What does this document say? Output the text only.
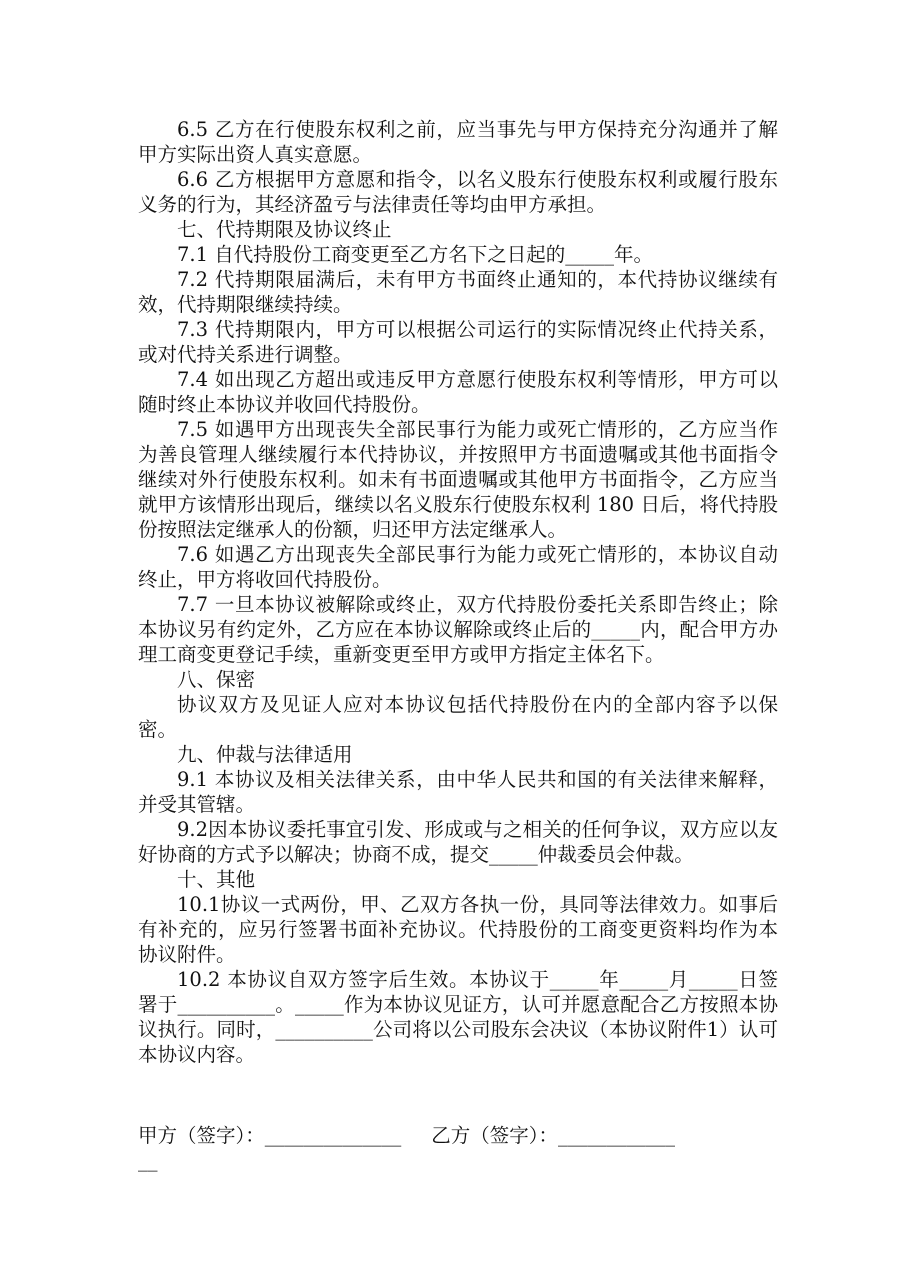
6.5 乙方在行使股东权利之前，应当事先与甲方保持充分沟通并了解甲方实际出资人真实意愿。

6.6 乙方根据甲方意愿和指令，以名义股东行使股东权利或履行股东义务的行为，其经济盈亏与法律责任等均由甲方承担。

七、代持期限及协议终止

7.1 自代持股份工商变更至乙方名下之日起的_____年。

7.2 代持期限届满后，未有甲方书面终止通知的，本代持协议继续有效，代持期限继续持续。

7.3 代持期限内，甲方可以根据公司运行的实际情况终止代持关系，或对代持关系进行调整。

7.4 如出现乙方超出或违反甲方意愿行使股东权利等情形，甲方可以随时终止本协议并收回代持股份。

7.5 如遇甲方出现丧失全部民事行为能力或死亡情形的，乙方应当作为善良管理人继续履行本代持协议，并按照甲方书面遗嘱或其他书面指令继续对外行使股东权利。如未有书面遗嘱或其他甲方书面指令，乙方应当就甲方该情形出现后，继续以名义股东行使股东权利 180 日后，将代持股份按照法定继承人的份额，归还甲方法定继承人。

7.6 如遇乙方出现丧失全部民事行为能力或死亡情形的，本协议自动终止，甲方将收回代持股份。

7.7 一旦本协议被解除或终止，双方代持股份委托关系即告终止；除本协议另有约定外，乙方应在本协议解除或终止后的_____内，配合甲方办理工商变更登记手续，重新变更至甲方或甲方指定主体名下。

八、保密

协议双方及见证人应对本协议包括代持股份在内的全部内容予以保密。

九、仲裁与法律适用

9.1 本协议及相关法律关系，由中华人民共和国的有关法律来解释，并受其管辖。

9.2因本协议委托事宜引发、形成或与之相关的任何争议，双方应以友好协商的方式予以解决；协商不成，提交_____仲裁委员会仲裁。

十、其他

10.1协议一式两份，甲、乙双方各执一份，具同等法律效力。如事后有补充的，应另行签署书面补充协议。代持股份的工商变更资料均作为本协议附件。

10.2 本协议自双方签字后生效。本协议于_____年_____月_____日签署于__________。_____作为本协议见证方，认可并愿意配合乙方按照本协议执行。同时，__________公司将以公司股东会决议（本协议附件1）认可本协议内容。

甲方（签字）：______________ 乙方（签字）：____________
__
